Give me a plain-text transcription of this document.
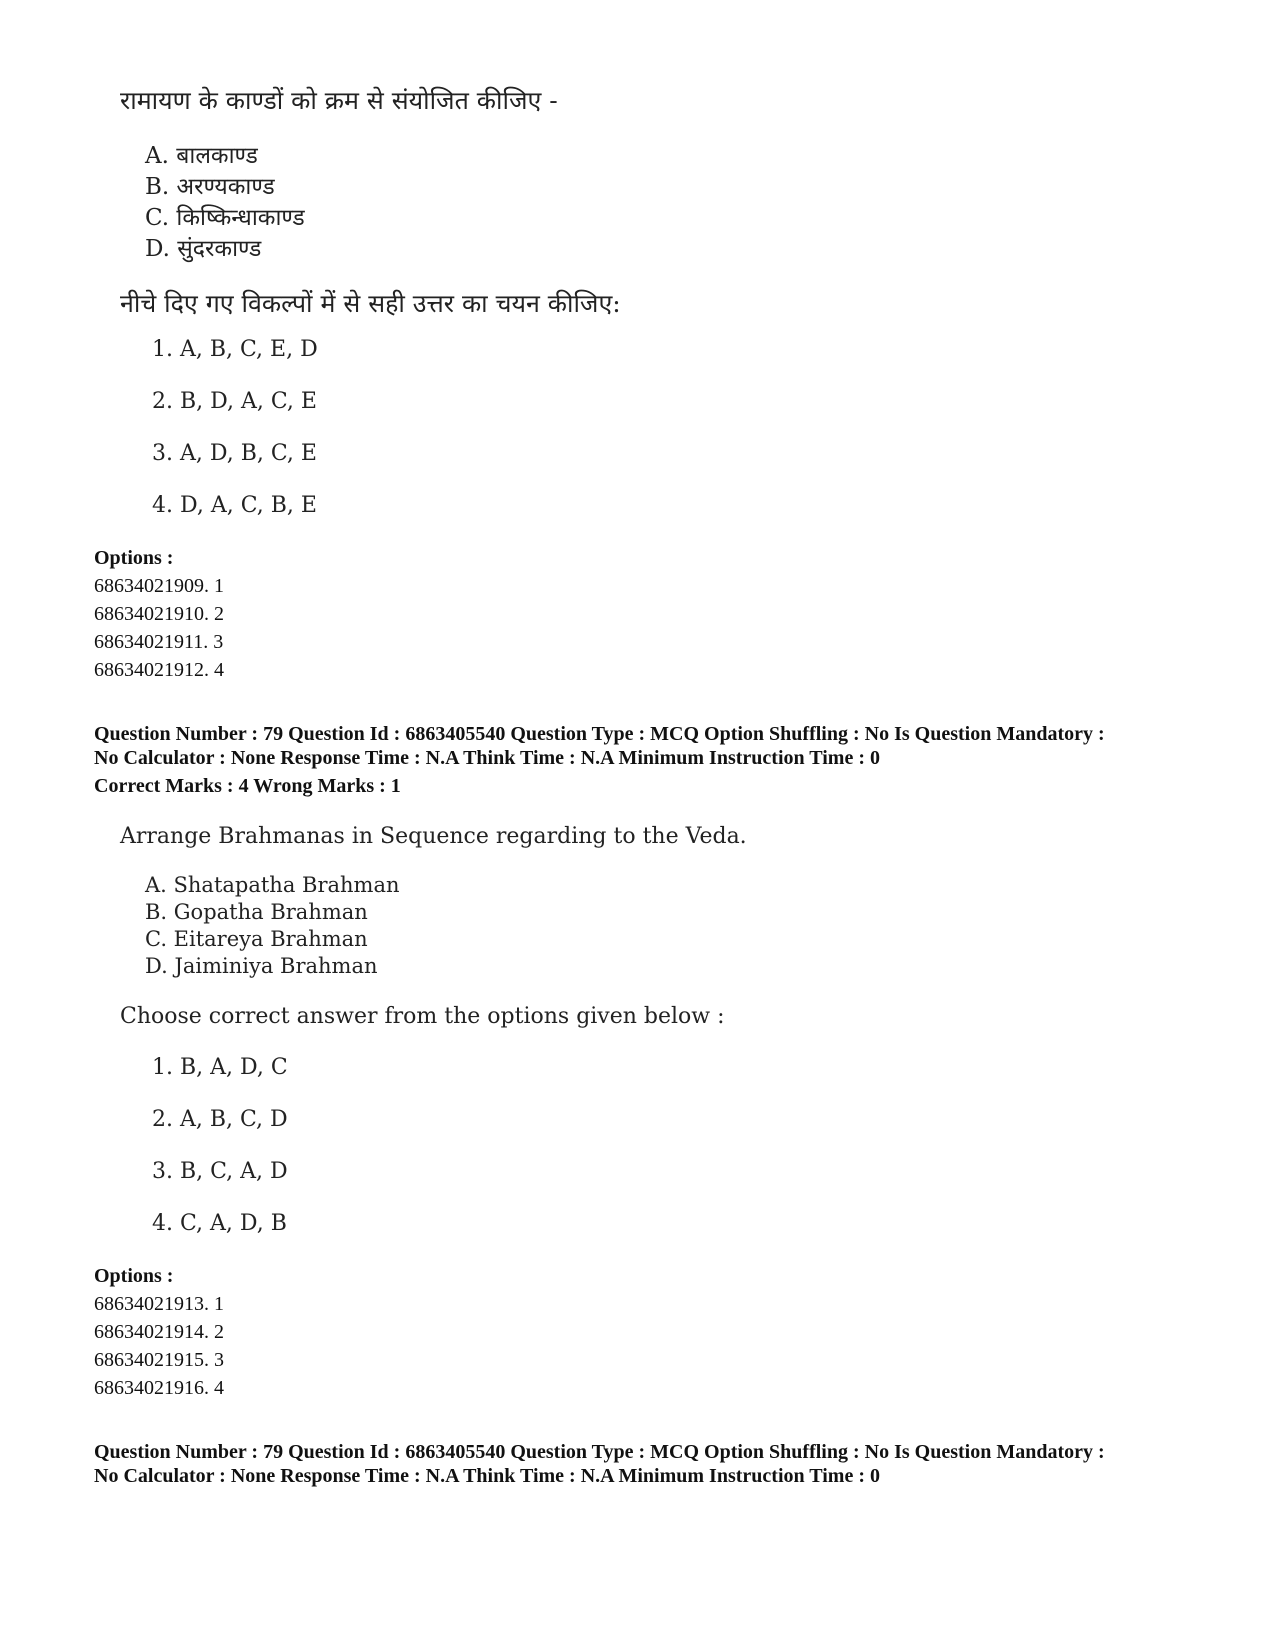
रामायण के काण्डों को क्रम से संयोजित कीजिए -
A. बालकाण्ड
B. अरण्यकाण्ड
C. किष्किन्धाकाण्ड
D. सुंदरकाण्ड
नीचे दिए गए विकल्पों में से सही उत्तर का चयन कीजिए:
1. A, B, C, E, D
2. B, D, A, C, E
3. A, D, B, C, E
4. D, A, C, B, E
Options :
68634021909. 1
68634021910. 2
68634021911. 3
68634021912. 4
Question Number : 79 Question Id : 6863405540 Question Type : MCQ Option Shuffling : No Is Question Mandatory :
No Calculator : None Response Time : N.A Think Time : N.A Minimum Instruction Time : 0
Correct Marks : 4 Wrong Marks : 1
Arrange Brahmanas in Sequence regarding to the Veda.
A. Shatapatha Brahman
B. Gopatha Brahman
C. Eitareya Brahman
D. Jaiminiya Brahman
Choose correct answer from the options given below :
1. B, A, D, C
2. A, B, C, D
3. B, C, A, D
4. C, A, D, B
Options :
68634021913. 1
68634021914. 2
68634021915. 3
68634021916. 4
Question Number : 79 Question Id : 6863405540 Question Type : MCQ Option Shuffling : No Is Question Mandatory :
No Calculator : None Response Time : N.A Think Time : N.A Minimum Instruction Time : 0
